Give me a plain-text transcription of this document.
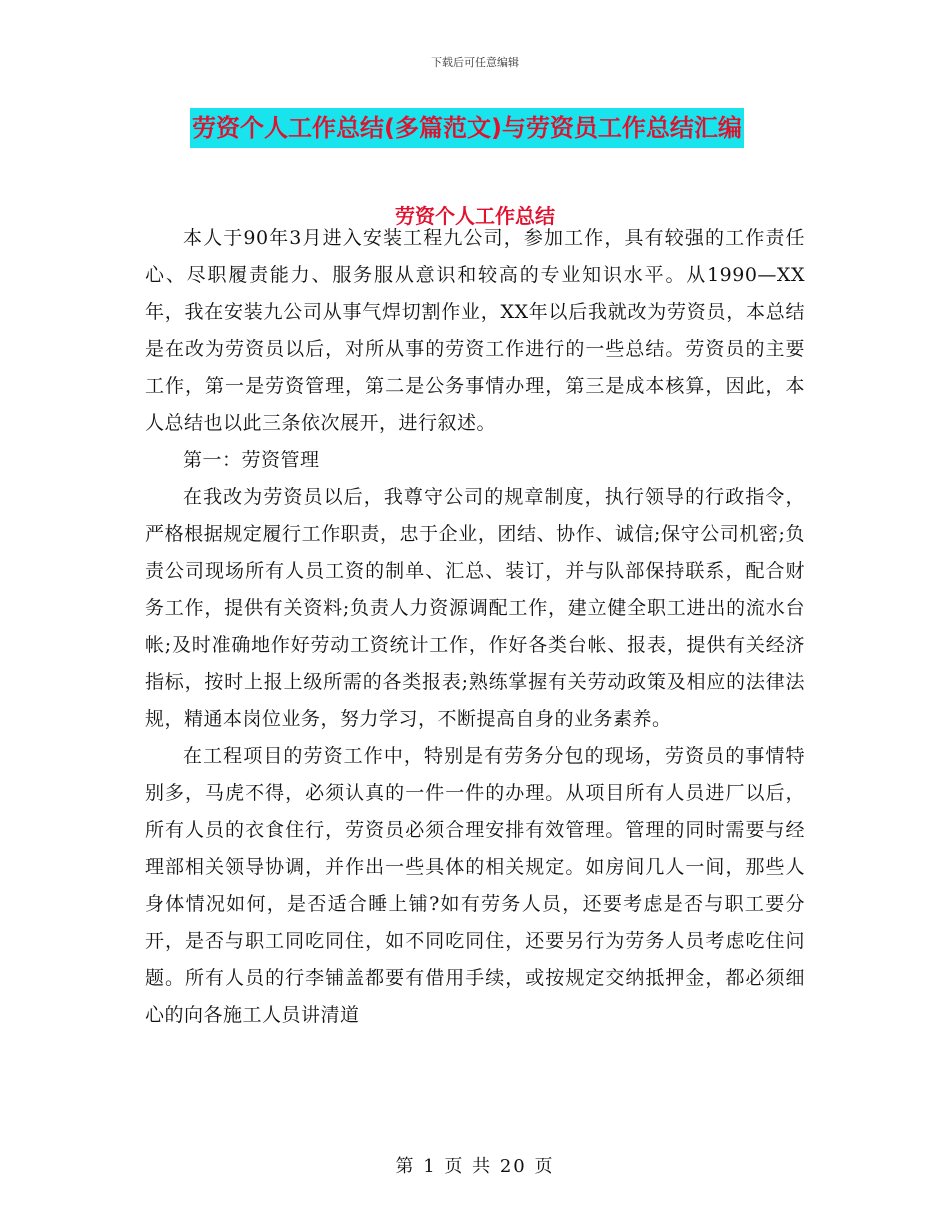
下载后可任意编辑
劳资个人工作总结(多篇范文)与劳资员工作总结汇编
劳资个人工作总结

本人于90年3月进入安装工程九公司，参加工作，具有较强的工作责任心、尽职履责能力、服务服从意识和较高的专业知识水平。从1990—XX年，我在安装九公司从事气焊切割作业，XX年以后我就改为劳资员，本总结是在改为劳资员以后，对所从事的劳资工作进行的一些总结。劳资员的主要工作，第一是劳资管理，第二是公务事情办理，第三是成本核算，因此，本人总结也以此三条依次展开，进行叙述。

第一：劳资管理

在我改为劳资员以后，我尊守公司的规章制度，执行领导的行政指令，严格根据规定履行工作职责，忠于企业，团结、协作、诚信;保守公司机密;负责公司现场所有人员工资的制单、汇总、装订，并与队部保持联系，配合财务工作，提供有关资料;负责人力资源调配工作，建立健全职工进出的流水台帐;及时准确地作好劳动工资统计工作，作好各类台帐、报表，提供有关经济指标，按时上报上级所需的各类报表;熟练掌握有关劳动政策及相应的法律法规，精通本岗位业务，努力学习，不断提高自身的业务素养。

在工程项目的劳资工作中，特别是有劳务分包的现场，劳资员的事情特别多，马虎不得，必须认真的一件一件的办理。从项目所有人员进厂以后，所有人员的衣食住行，劳资员必须合理安排有效管理。管理的同时需要与经理部相关领导协调，并作出一些具体的相关规定。如房间几人一间，那些人身体情况如何，是否适合睡上铺?如有劳务人员，还要考虑是否与职工要分开，是否与职工同吃同住，如不同吃同住，还要另行为劳务人员考虑吃住问题。所有人员的行李铺盖都要有借用手续，或按规定交纳抵押金，都必须细心的向各施工人员讲清道

第 1 页 共 20 页
